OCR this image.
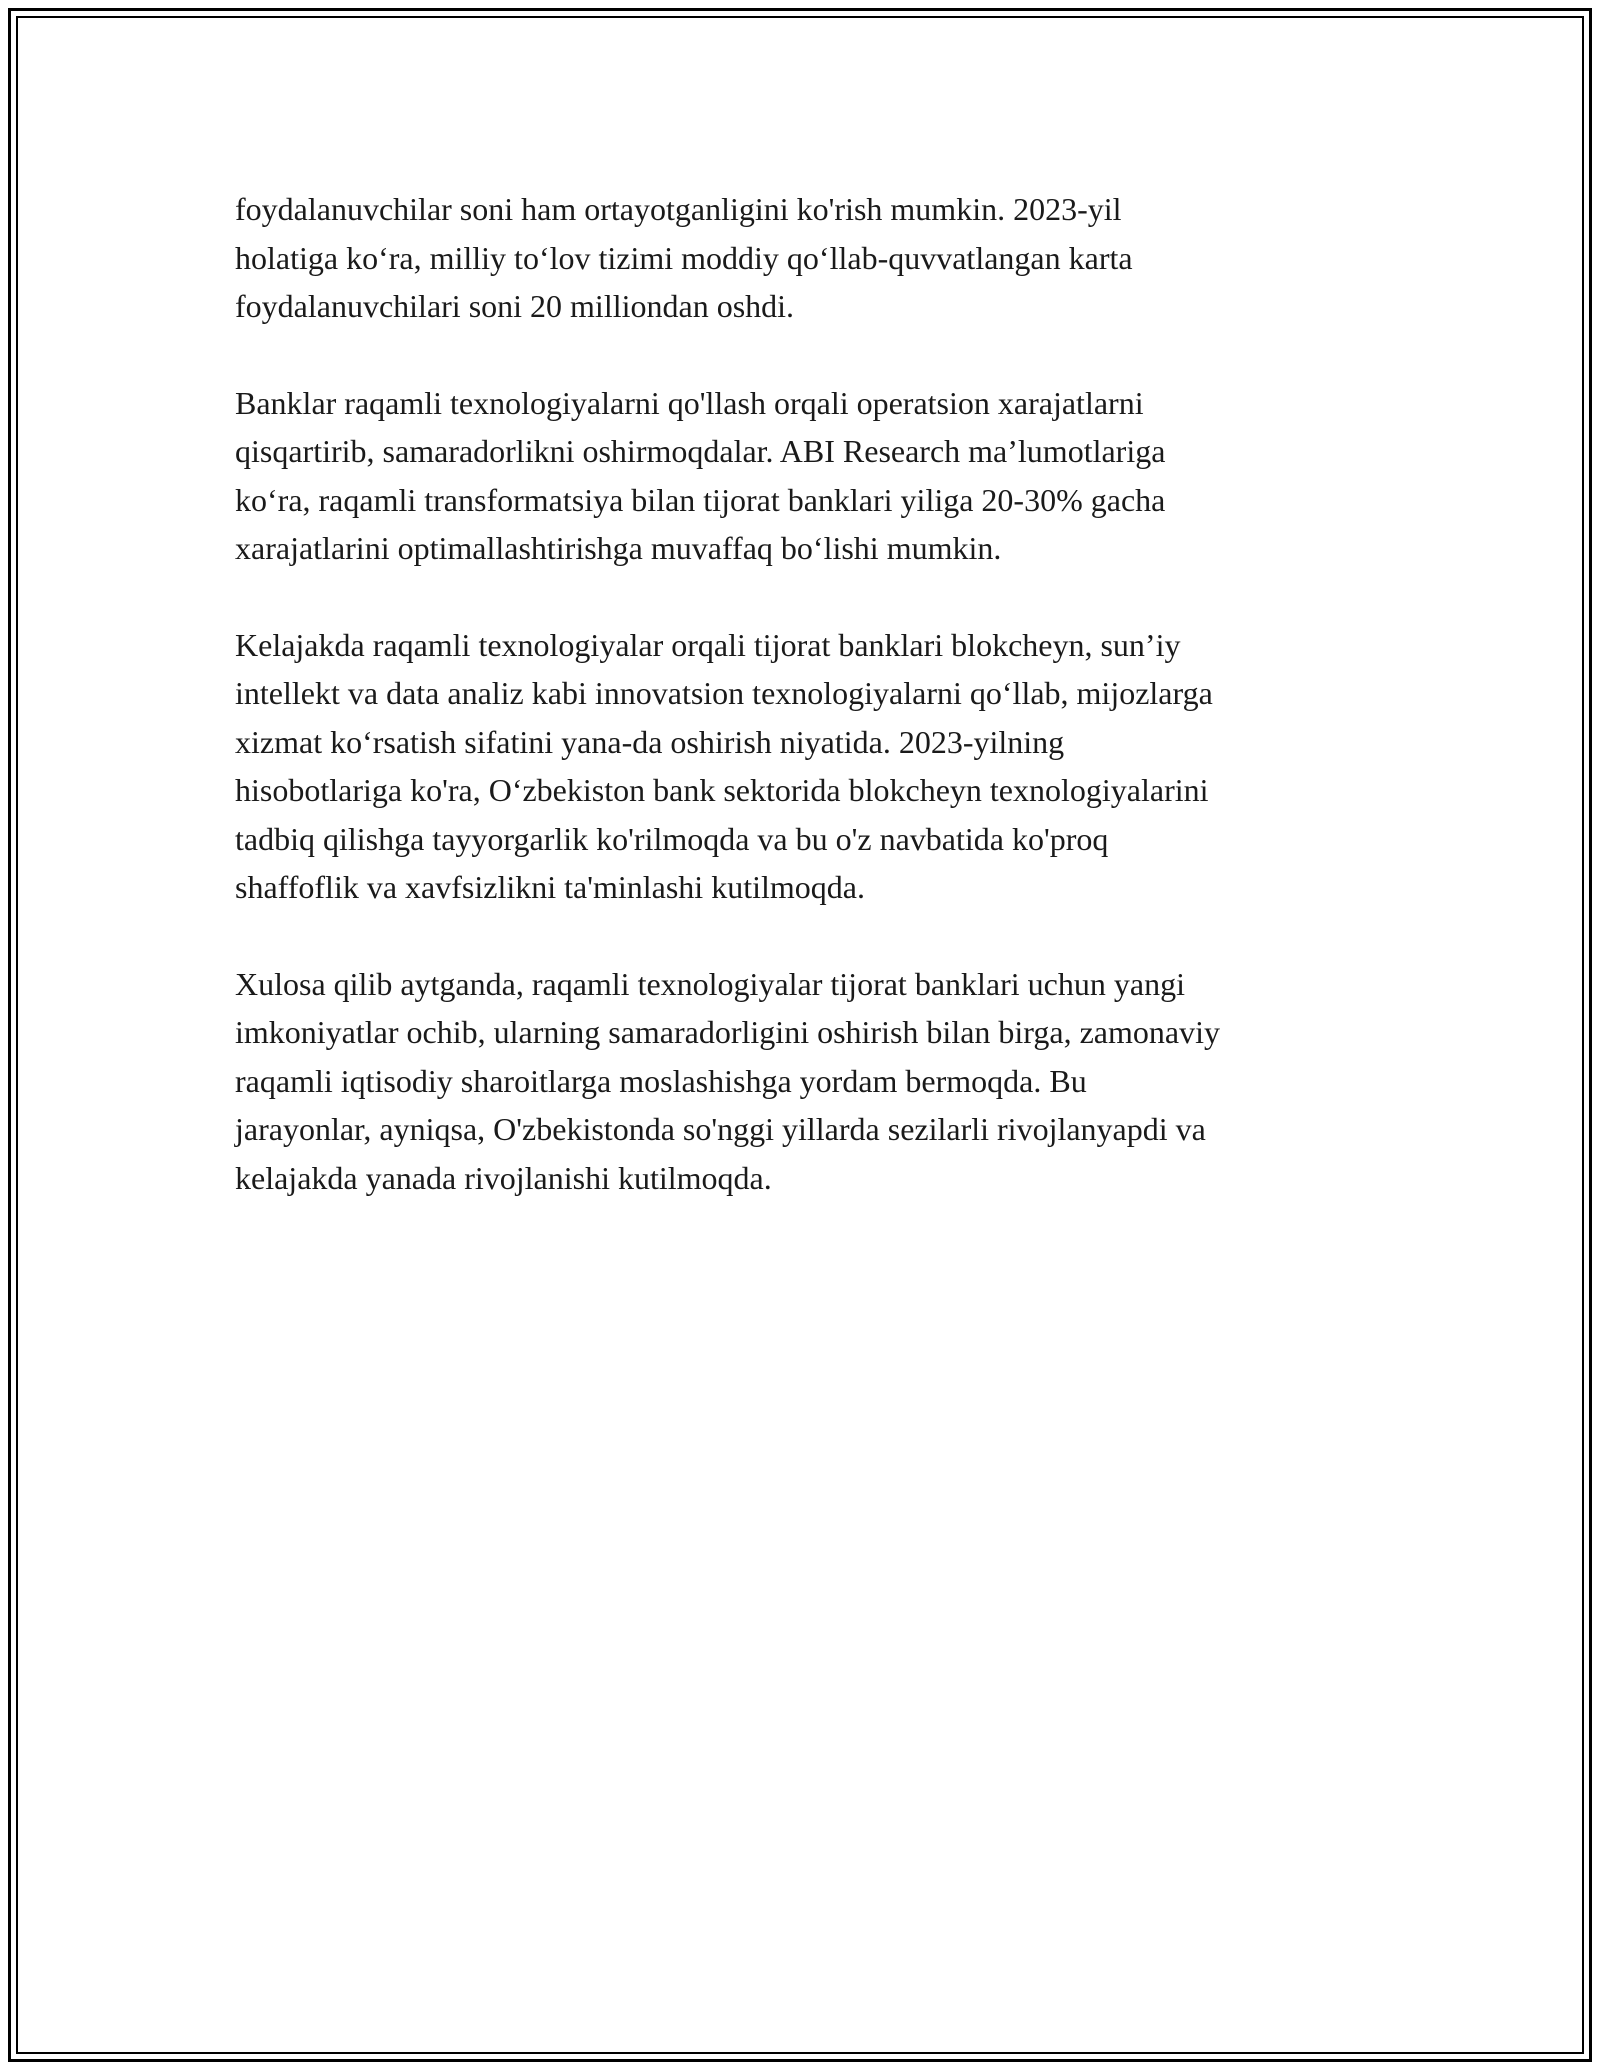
foydalanuvchilar soni ham ortayotganligini ko'rish mumkin. 2023-yil
holatiga ko‘ra, milliy to‘lov tizimi moddiy qo‘llab-quvvatlangan karta
foydalanuvchilari soni 20 milliondan oshdi.

Banklar raqamli texnologiyalarni qo'llash orqali operatsion xarajatlarni
qisqartirib, samaradorlikni oshirmoqdalar. ABI Research ma’lumotlariga
ko‘ra, raqamli transformatsiya bilan tijorat banklari yiliga 20-30% gacha
xarajatlarini optimallashtirishga muvaffaq bo‘lishi mumkin.

Kelajakda raqamli texnologiyalar orqali tijorat banklari blokcheyn, sun’iy
intellekt va data analiz kabi innovatsion texnologiyalarni qo‘llab, mijozlarga
xizmat ko‘rsatish sifatini yana-da oshirish niyatida. 2023-yilning
hisobotlariga ko'ra, O‘zbekiston bank sektorida blokcheyn texnologiyalarini
tadbiq qilishga tayyorgarlik ko'rilmoqda va bu o'z navbatida ko'proq
shaffoflik va xavfsizlikni ta'minlashi kutilmoqda.

Xulosa qilib aytganda, raqamli texnologiyalar tijorat banklari uchun yangi
imkoniyatlar ochib, ularning samaradorligini oshirish bilan birga, zamonaviy
raqamli iqtisodiy sharoitlarga moslashishga yordam bermoqda. Bu
jarayonlar, ayniqsa, O'zbekistonda so'nggi yillarda sezilarli rivojlanyapdi va
kelajakda yanada rivojlanishi kutilmoqda.
